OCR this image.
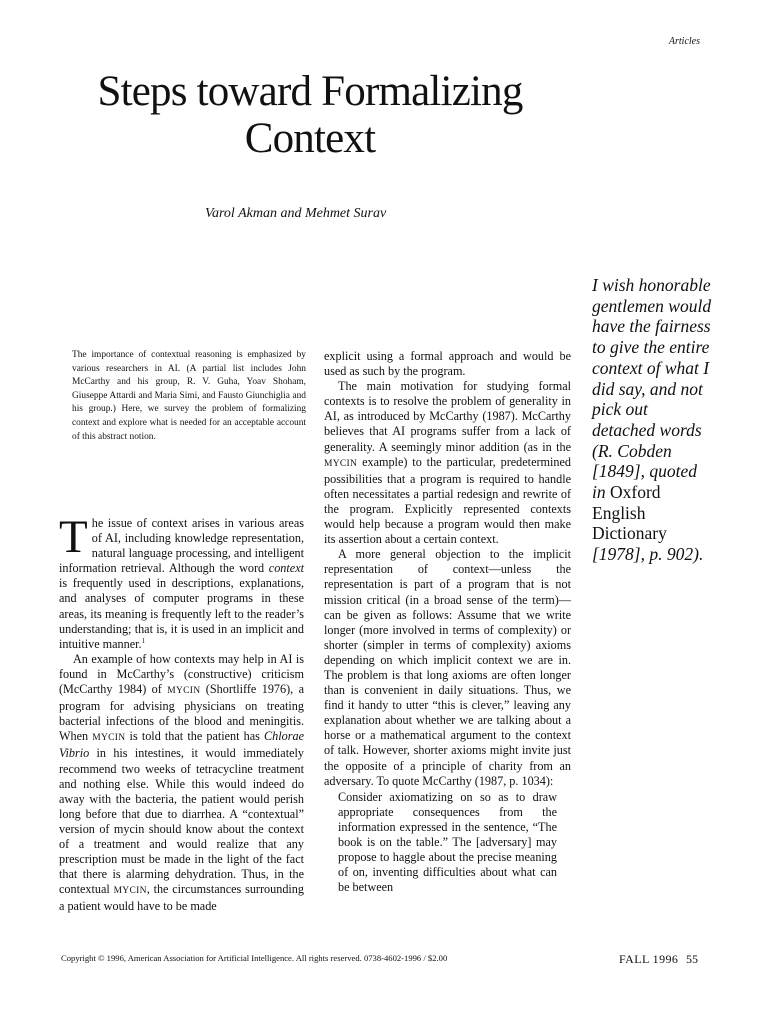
Articles
Steps toward Formalizing
Context
Varol Akman and Mehmet Surav
The importance of contextual reasoning is emphasized by various researchers in AI. (A partial list includes John McCarthy and his group, R. V. Guha, Yoav Shoham, Giuseppe Attardi and Maria Simi, and Fausto Giunchiglia and his group.) Here, we survey the problem of formalizing context and explore what is needed for an acceptable account of this abstract notion.

The issue of context arises in various areas of AI, including knowledge representation, natural language processing, and intelligent information retrieval. Although the word context is frequently used in descriptions, explanations, and analyses of computer programs in these areas, its meaning is frequently left to the reader’s understanding; that is, it is used in an implicit and intuitive manner.$^1$

An example of how contexts may help in AI is found in McCarthy’s (constructive) criticism (McCarthy 1984) of MYCIN (Shortliffe 1976), a program for advising physicians on treating bacterial infections of the blood and meningitis. When MYCIN is told that the patient has Chlorae Vibrio in his intestines, it would immediately recommend two weeks of tetracycline treatment and nothing else. While this would indeed do away with the bacteria, the patient would perish long before that due to diarrhea. A “contextual” version of mycin should know about the context of a treatment and would realize that any prescription must be made in the light of the fact that there is alarming dehydration. Thus, in the contextual MYCIN, the circumstances surrounding a patient would have to be made

explicit using a formal approach and would be used as such by the program.

The main motivation for studying formal contexts is to resolve the problem of generality in AI, as introduced by McCarthy (1987). McCarthy believes that AI programs suffer from a lack of generality. A seemingly minor addition (as in the MYCIN example) to the particular, predetermined possibilities that a program is required to handle often necessitates a partial redesign and rewrite of the program. Explicitly represented contexts would help because a program would then make its assertion about a certain context.

A more general objection to the implicit representation of context—unless the representation is part of a program that is not mission critical (in a broad sense of the term)—can be given as follows: Assume that we write longer (more involved in terms of complexity) or shorter (simpler in terms of complexity) axioms depending on which implicit context we are in. The problem is that long axioms are often longer than is convenient in daily situations. Thus, we find it handy to utter “this is clever,” leaving any explanation about whether we are talking about a horse or a mathematical argument to the context of talk. However, shorter axioms might invite just the opposite of a principle of charity from an adversary. To quote McCarthy (1987, p. 1034):

Consider axiomatizing on so as to draw appropriate consequences from the information expressed in the sentence, “The book is on the table.” The [adversary] may propose to haggle about the precise meaning of on, inventing difficulties about what can be between

I wish honorable gentlemen would have the fairness to give the entire context of what I did say, and not pick out detached words (R. Cobden [1849], quoted in Oxford English Dictionary [1978], p. 902).
Copyright © 1996, American Association for Artificial Intelligence. All rights reserved. 0738-4602-1996 / $2.00	FALL 1996 55
